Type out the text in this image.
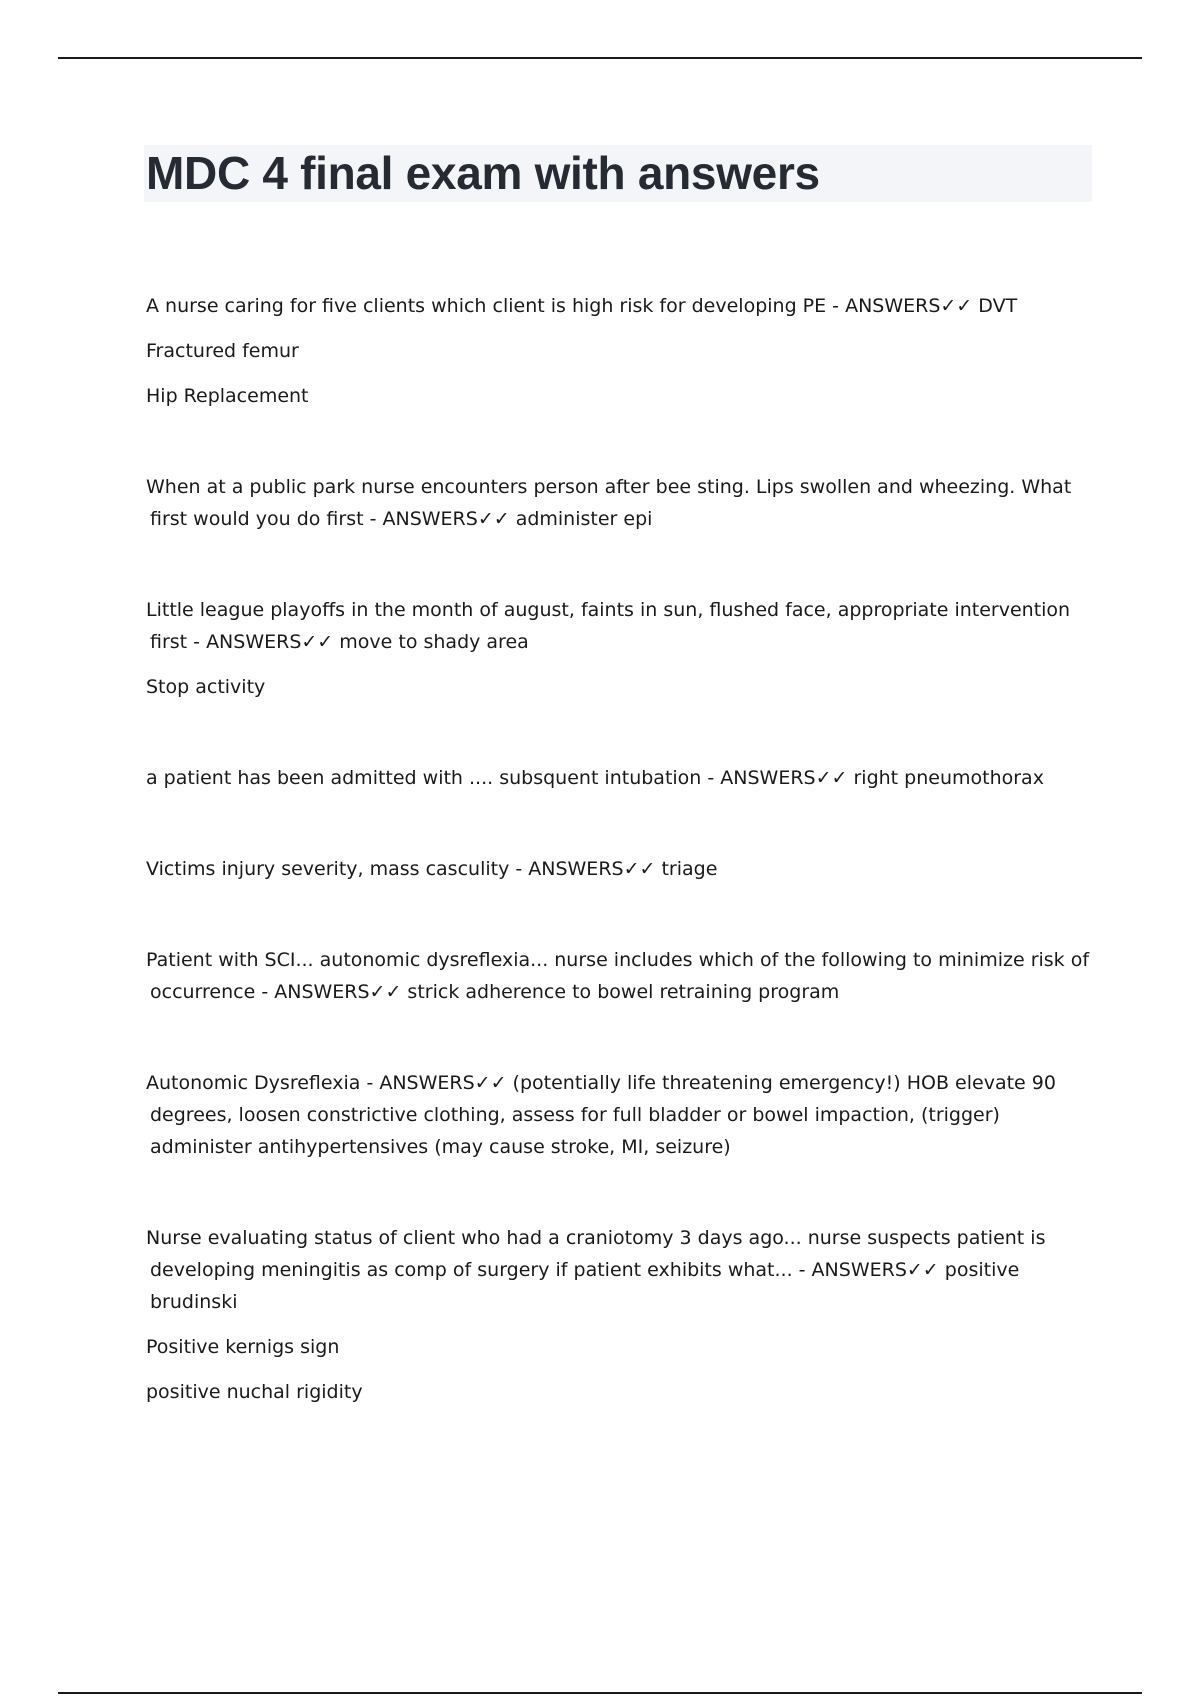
MDC 4 final exam with answers

A nurse caring for five clients which client is high risk for developing PE - ANSWERS✓✓ DVT

Fractured femur

Hip Replacement

When at a public park nurse encounters person after bee sting. Lips swollen and wheezing. What first would you do first - ANSWERS✓✓ administer epi

Little league playoffs in the month of august, faints in sun, flushed face, appropriate intervention first - ANSWERS✓✓ move to shady area

Stop activity

a patient has been admitted with .... subsquent intubation - ANSWERS✓✓ right pneumothorax

Victims injury severity, mass casculity - ANSWERS✓✓ triage

Patient with SCI... autonomic dysreflexia... nurse includes which of the following to minimize risk of occurrence - ANSWERS✓✓ strick adherence to bowel retraining program

Autonomic Dysreflexia - ANSWERS✓✓ (potentially life threatening emergency!) HOB elevate 90 degrees, loosen constrictive clothing, assess for full bladder or bowel impaction, (trigger) administer antihypertensives (may cause stroke, MI, seizure)

Nurse evaluating status of client who had a craniotomy 3 days ago... nurse suspects patient is developing meningitis as comp of surgery if patient exhibits what... - ANSWERS✓✓ positive brudinski

Positive kernigs sign

positive nuchal rigidity
